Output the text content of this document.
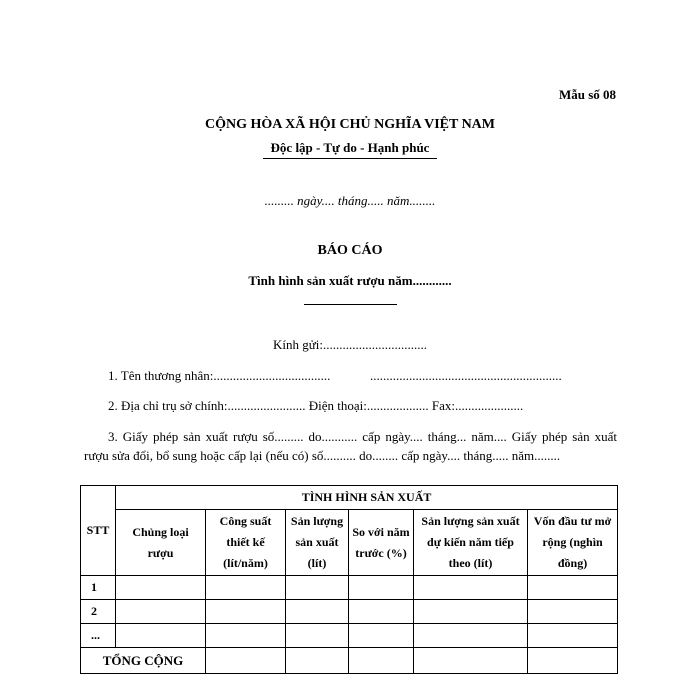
Mẫu số 08
CỘNG HÒA XÃ HỘI CHỦ NGHĨA VIỆT NAM
Độc lập - Tự do - Hạnh phúc
......... ngày.... tháng..... năm........
BÁO CÁO
Tình hình sản xuất rượu năm............
Kính gửi:................................
1. Tên thương nhân:....................................	...........................................................
2. Địa chỉ trụ sở chính:........................ Điện thoại:................... Fax:.....................
3. Giấy phép sản xuất rượu số......... do........... cấp ngày.... tháng... năm.... Giấy phép sản xuất rượu sửa đổi, bổ sung hoặc cấp lại (nếu có) số.......... do........ cấp ngày.... tháng..... năm........
STT	TÌNH HÌNH SẢN XUẤT					
	Chủng loại rượu	Công suất thiết kế (lít/năm)	Sản lượng sản xuất (lít)	So với năm trước (%)	Sản lượng sản xuất dự kiến năm tiếp theo (lít)	Vốn đầu tư mở rộng (nghìn đồng)
1						
2						
...						
TỔNG CỘNG						
